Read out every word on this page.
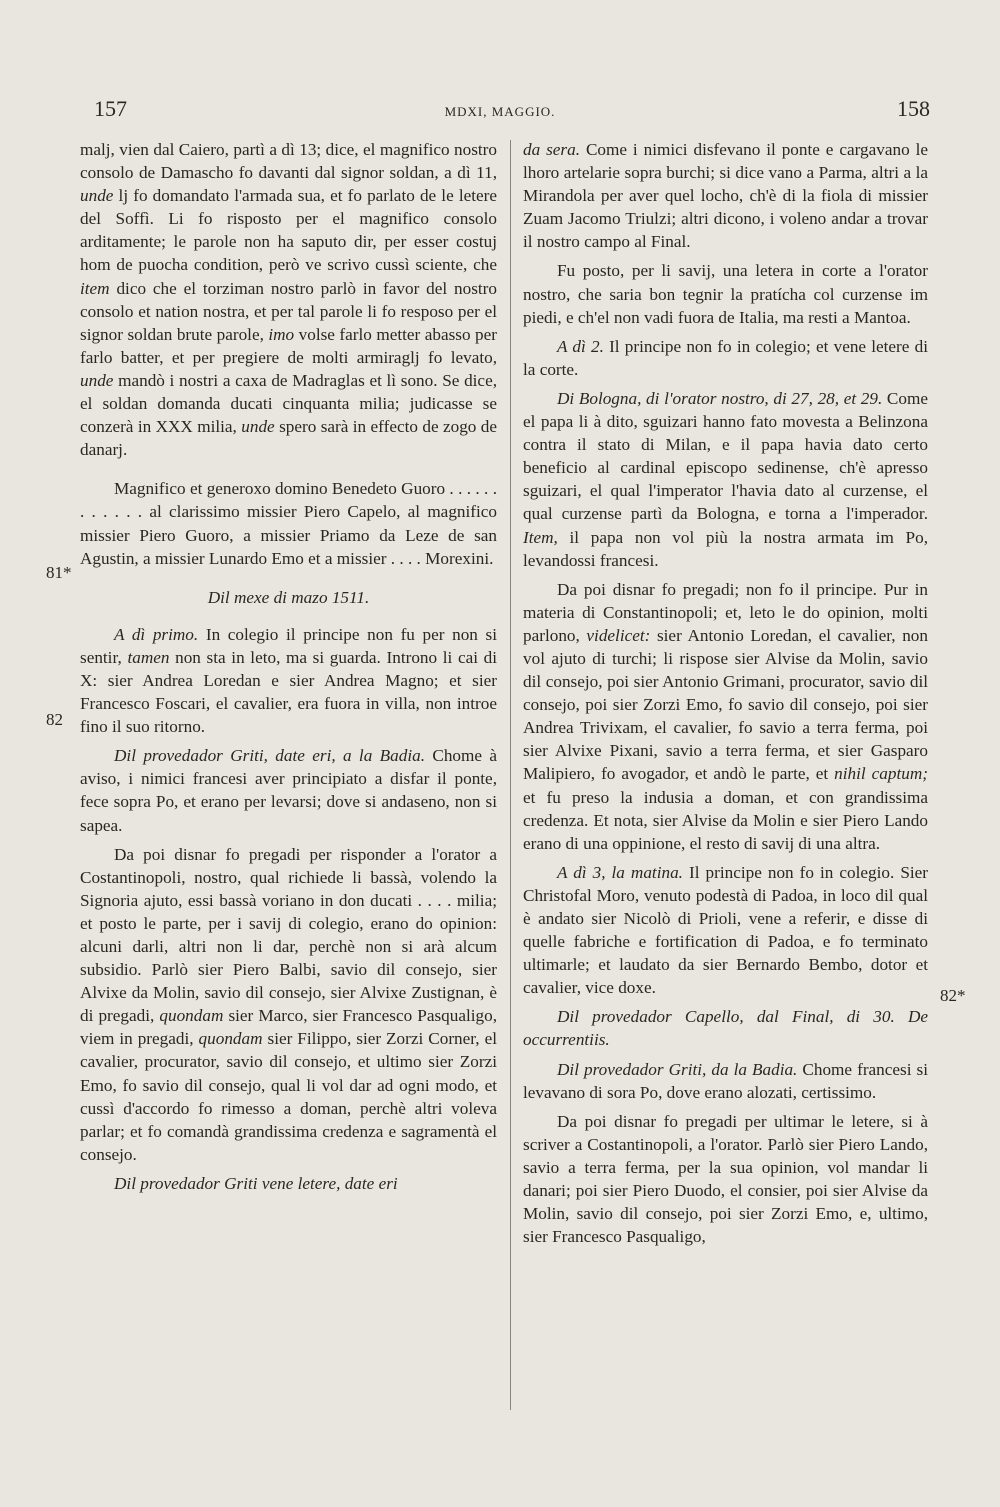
157	MDXI, MAGGIO.	158
81*
82
82*

malj, vien dal Caiero, partì a dì 13; dice, el magnifico nostro consolo de Damascho fo davanti dal signor soldan, a dì 11, unde lj fo domandato l'armada sua, et fo parlato de le letere del Soffì. Li fo risposto per el magnifico consolo arditamente; le parole non ha saputo dir, per esser costuj hom de puocha condition, però ve scrivo cussì sciente, che item dico che el torziman nostro parlò in favor del nostro consolo et nation nostra, et per tal parole li fo resposo per el signor soldan brute parole, imo volse farlo metter abasso per farlo batter, et per pregiere de molti armiraglj fo levato, unde mandò i nostri a caxa de Madraglas et lì sono. Se dice, el soldan domanda ducati cinquanta milia; judicasse se conzerà in XXX milia, unde spero sarà in effecto de zogo de danarj.

Magnifico et generoxo domino Benedeto Guoro . . . . . . . . . . . . al clarissimo missier Piero Capelo, al magnifico missier Piero Guoro, a missier Priamo da Leze de san Agustin, a missier Lunardo Emo et a missier . . . . Morexini.

Dil mexe di mazo 1511.

A dì primo. In colegio il principe non fu per non si sentir, tamen non sta in leto, ma si guarda. Introno li cai di X: sier Andrea Loredan e sier Andrea Magno; et sier Francesco Foscari, el cavalier, era fuora in villa, non introe fino il suo ritorno.

Dil provedador Griti, date eri, a la Badia. Chome à aviso, i nimici francesi aver principiato a disfar il ponte, fece sopra Po, et erano per levarsi; dove si andaseno, non si sapea.

Da poi disnar fo pregadi per risponder a l'orator a Costantinopoli, nostro, qual richiede li bassà, volendo la Signoria ajuto, essi bassà voriano in don ducati . . . . milia; et posto le parte, per i savij di colegio, erano do opinion: alcuni darli, altri non li dar, perchè non si arà alcum subsidio. Parlò sier Piero Balbi, savio dil consejo, sier Alvixe da Molin, savio dil consejo, sier Alvixe Zustignan, è di pregadi, quondam sier Marco, sier Francesco Pasqualigo, viem in pregadi, quondam sier Filippo, sier Zorzi Corner, el cavalier, procurator, savio dil consejo, et ultimo sier Zorzi Emo, fo savio dil consejo, qual li vol dar ad ogni modo, et cussì d'accordo fo rimesso a doman, perchè altri voleva parlar; et fo comandà grandissima credenza e sagramentà el consejo.

Dil provedador Griti vene letere, date eri

da sera. Come i nimici disfevano il ponte e cargavano le lhoro artelarie sopra burchi; si dice vano a Parma, altri a la Mirandola per aver quel locho, ch'è di la fiola di missier Zuam Jacomo Triulzi; altri dicono, i voleno andar a trovar il nostro campo al Final.

Fu posto, per li savij, una letera in corte a l'orator nostro, che saria bon tegnir la pratícha col curzense im piedi, e ch'el non vadi fuora de Italia, ma resti a Mantoa.

A dì 2. Il principe non fo in colegio; et vene letere di la corte.

Di Bologna, di l'orator nostro, di 27, 28, et 29. Come el papa li à dito, sguizari hanno fato movesta a Belinzona contra il stato di Milan, e il papa havia dato certo beneficio al cardinal episcopo sedinense, ch'è apresso sguizari, el qual l'imperator l'havia dato al curzense, el qual curzense partì da Bologna, e torna a l'imperador. Item, il papa non vol più la nostra armata im Po, levandossi francesi.

Da poi disnar fo pregadi; non fo il principe. Pur in materia di Constantinopoli; et, leto le do opinion, molti parlono, videlicet: sier Antonio Loredan, el cavalier, non vol ajuto di turchi; li rispose sier Alvise da Molin, savio dil consejo, poi sier Antonio Grimani, procurator, savio dil consejo, poi sier Zorzi Emo, fo savio dil consejo, poi sier Andrea Trivixam, el cavalier, fo savio a terra ferma, poi sier Alvixe Pixani, savio a terra ferma, et sier Gasparo Malipiero, fo avogador, et andò le parte, et nihil captum; et fu preso la indusia a doman, et con grandissima credenza. Et nota, sier Alvise da Molin e sier Piero Lando erano di una oppinione, el resto di savij di una altra.

A dì 3, la matina. Il principe non fo in colegio. Sier Christofal Moro, venuto podestà di Padoa, in loco dil qual è andato sier Nicolò di Prioli, vene a referir, e disse di quelle fabriche e fortification di Padoa, e fo terminato ultimarle; et laudato da sier Bernardo Bembo, dotor et cavalier, vice doxe.

Dil provedador Capello, dal Final, di 30. De occurrentiis.

Dil provedador Griti, da la Badia. Chome francesi si levavano di sora Po, dove erano alozati, certissimo.

Da poi disnar fo pregadi per ultimar le letere, si à scriver a Costantinopoli, a l'orator. Parlò sier Piero Lando, savio a terra ferma, per la sua opinion, vol mandar li danari; poi sier Piero Duodo, el consier, poi sier Alvise da Molin, savio dil consejo, poi sier Zorzi Emo, e, ultimo, sier Francesco Pasqualigo,
